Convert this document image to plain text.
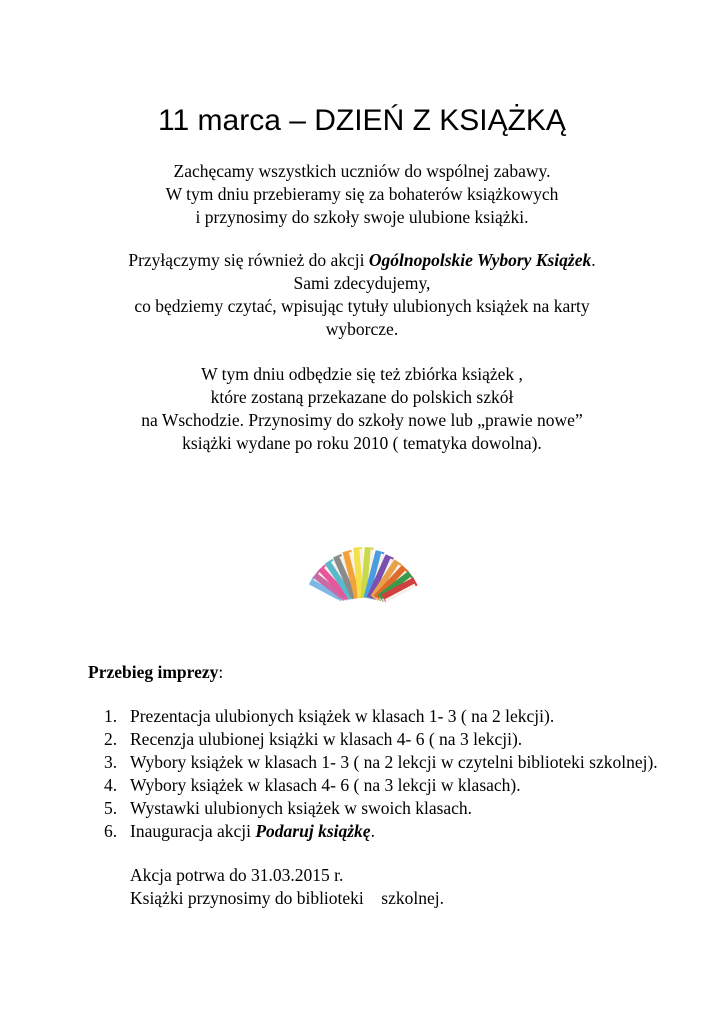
11 marca – DZIEŃ Z KSIĄŻKĄ

Zachęcamy wszystkich uczniów do wspólnej zabawy.
W tym dniu przebieramy się za bohaterów książkowych
i przynosimy do szkoły swoje ulubione książki.

Przyłączymy się również do akcji Ogólnopolskie Wybory Książek.
Sami zdecydujemy,
co będziemy czytać, wpisując tytuły ulubionych książek na karty
wyborcze.

W tym dniu odbędzie się też zbiórka książek ,
które zostaną przekazane do polskich szkół
na Wschodzie. Przynosimy do szkoły nowe lub „prawie nowe”
książki wydane po roku 2010 ( tematyka dowolna).

Przebieg imprezy:

1. Prezentacja ulubionych książek w klasach 1- 3 ( na 2 lekcji).
2. Recenzja ulubionej książki w klasach 4- 6 ( na 3 lekcji).
3. Wybory książek w klasach 1- 3 ( na 2 lekcji w czytelni biblioteki szkolnej).
4. Wybory książek w klasach 4- 6 ( na 3 lekcji w klasach).
5. Wystawki ulubionych książek w swoich klasach.
6. Inauguracja akcji Podaruj książkę.

Akcja potrwa do 31.03.2015 r.

Książki przynosimy do biblioteki    szkolnej.
